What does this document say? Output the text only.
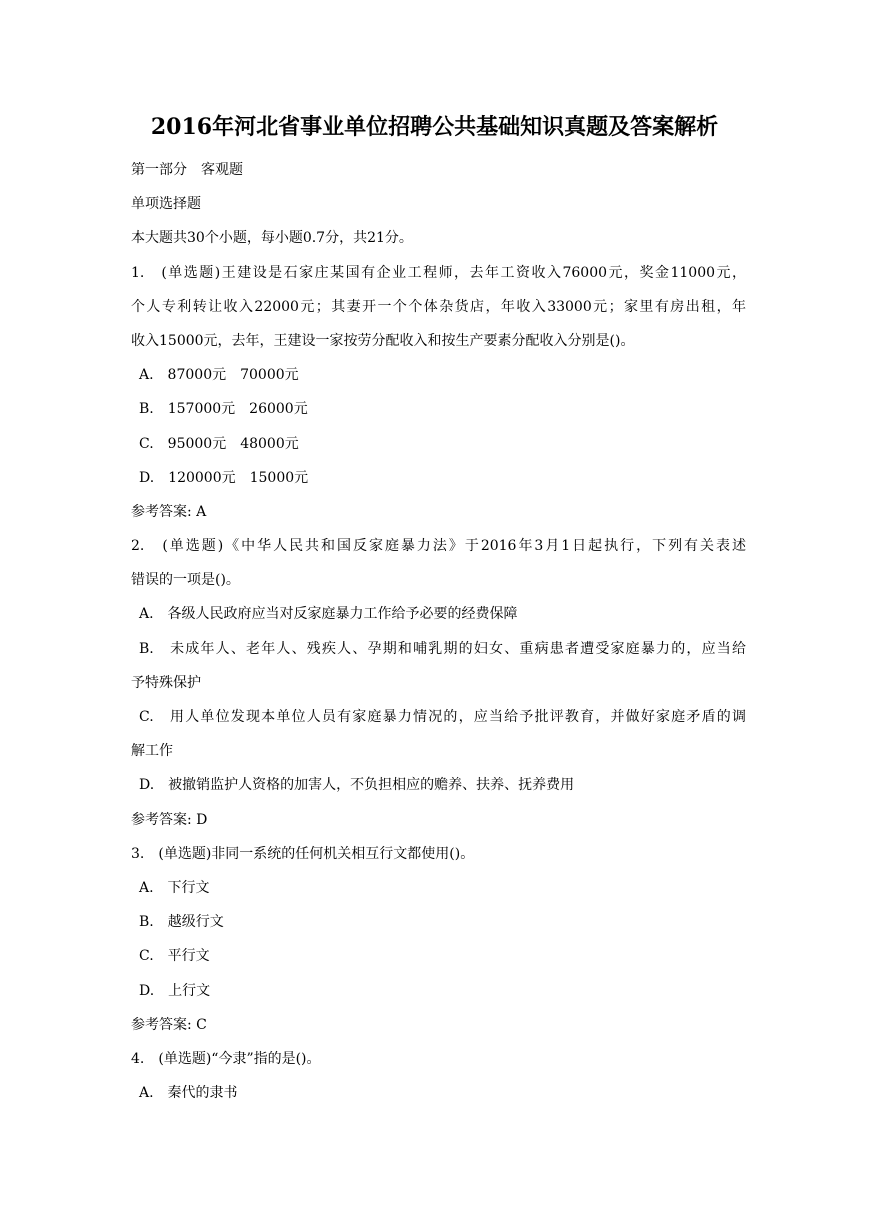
2016年河北省事业单位招聘公共基础知识真题及答案解析
第一部分　客观题
单项选择题
本大题共30个小题，每小题0.7分，共21分。
1.　(单选题)王建设是石家庄某国有企业工程师，去年工资收入76000元，奖金11000元，
个人专利转让收入22000元；其妻开一个个体杂货店，年收入33000元；家里有房出租，年
收入15000元，去年，王建设一家按劳分配收入和按生产要素分配收入分别是()。
A.　87000元　70000元
B.　157000元　26000元
C.　95000元　48000元
D.　120000元　15000元
参考答案: A
2.　(单选题)《中华人民共和国反家庭暴力法》于2016年3月1日起执行，下列有关表述
错误的一项是()。
A.　各级人民政府应当对反家庭暴力工作给予必要的经费保障
B.　未成年人、老年人、残疾人、孕期和哺乳期的妇女、重病患者遭受家庭暴力的，应当给
予特殊保护
C.　用人单位发现本单位人员有家庭暴力情况的，应当给予批评教育，并做好家庭矛盾的调
解工作
D.　被撤销监护人资格的加害人，不负担相应的赡养、扶养、抚养费用
参考答案: D
3.　(单选题)非同一系统的任何机关相互行文都使用()。
A.　下行文
B.　越级行文
C.　平行文
D.　上行文
参考答案: C
4.　(单选题)“今隶”指的是()。
A.　秦代的隶书
